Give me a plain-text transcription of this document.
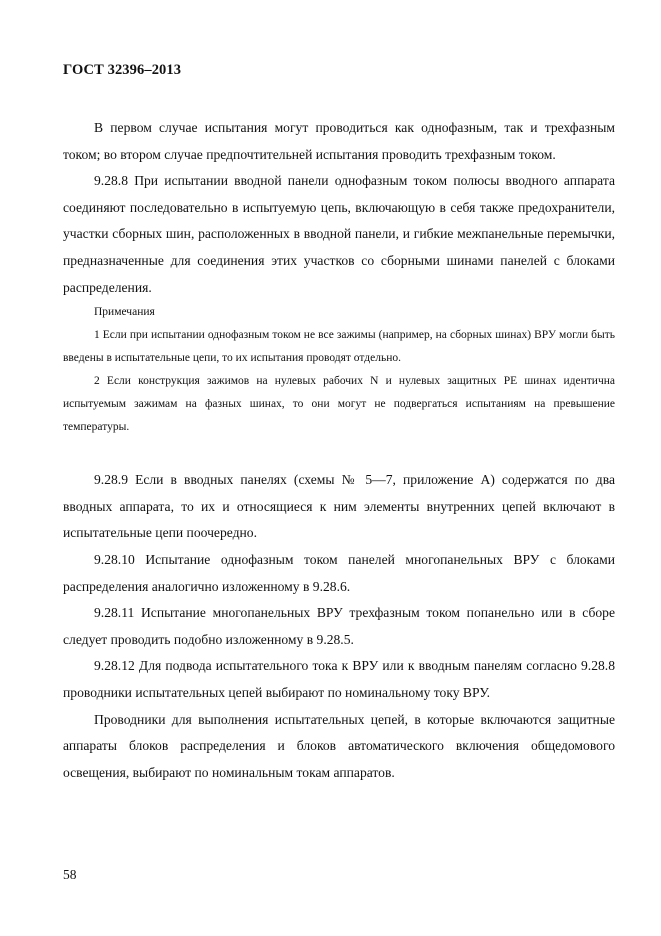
ГОСТ 32396–2013

В первом случае испытания могут проводиться как однофазным, так и трехфазным током; во втором случае предпочтительней испытания проводить трехфазным током.

9.28.8 При испытании вводной панели однофазным током полюсы вводного аппарата соединяют последовательно в испытуемую цепь, включающую в себя также предохранители, участки сборных шин, расположенных в вводной панели, и гибкие межпанельные перемычки, предназначенные для соединения этих участков со сборными шинами панелей с блоками распределения.

Примечания

1 Если при испытании однофазным током не все зажимы (например, на сборных шинах) ВРУ могли быть введены в испытательные цепи, то их испытания проводят отдельно.

2 Если конструкция зажимов на нулевых рабочих N и нулевых защитных PE шинах идентична испытуемым зажимам на фазных шинах, то они могут не подвергаться испытаниям на превышение температуры.

9.28.9 Если в вводных панелях (схемы № 5—7, приложение А) содержатся по два вводных аппарата, то их и относящиеся к ним элементы внутренних цепей включают в испытательные цепи поочередно.

9.28.10 Испытание однофазным током панелей многопанельных ВРУ с блоками распределения аналогично изложенному в 9.28.6.

9.28.11 Испытание многопанельных ВРУ трехфазным током попанельно или в сборе следует проводить подобно изложенному в 9.28.5.

9.28.12 Для подвода испытательного тока к ВРУ или к вводным панелям согласно 9.28.8 проводники испытательных цепей выбирают по номинальному току ВРУ.

Проводники для выполнения испытательных цепей, в которые включаются защитные аппараты блоков распределения и блоков автоматического включения общедомового освещения, выбирают по номинальным токам аппаратов.

58
